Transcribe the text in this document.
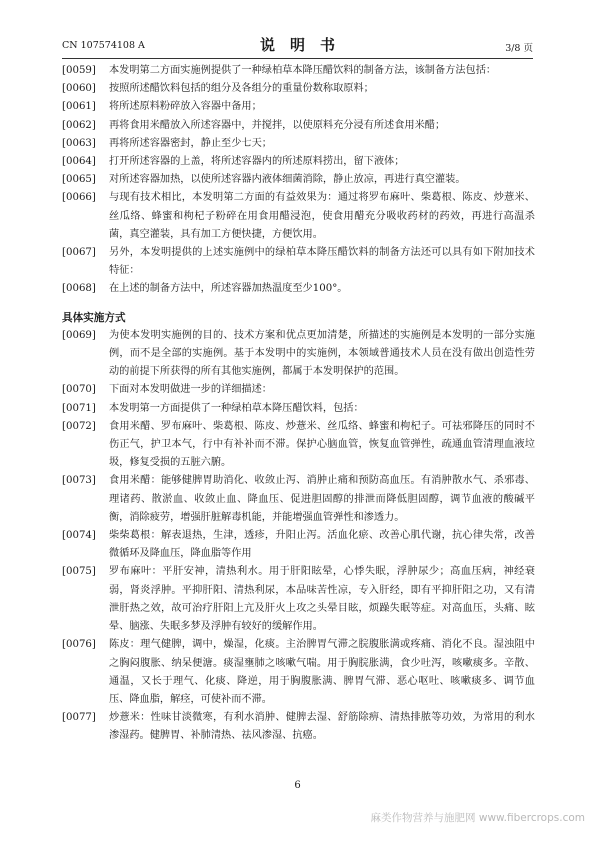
CN 107574108 A	说　明　书	3/8 页
[0059]	本发明第二方面实施例提供了一种绿柏草本降压醋饮料的制备方法，该制备方法包括：
[0060]	按照所述醋饮料包括的组分及各组分的重量份数称取原料；
[0061]	将所述原料粉碎放入容器中备用；
[0062]	再将食用米醋放入所述容器中，并搅拌，以使原料充分浸有所述食用米醋；
[0063]	再将所述容器密封，静止至少七天；
[0064]	打开所述容器的上盖，将所述容器内的所述原料捞出，留下液体；
[0065]	对所述容器加热，以使所述容器内液体细菌消除，静止放凉，再进行真空灌装。
[0066]	与现有技术相比，本发明第二方面的有益效果为：通过将罗布麻叶、柴葛根、陈皮、炒薏米、丝瓜络、蜂蜜和枸杞子粉碎在用食用醋浸泡，使食用醋充分吸收药材的药效，再进行高温杀菌，真空灌装，具有加工方便快捷，方便饮用。
[0067]	另外，本发明提供的上述实施例中的绿柏草本降压醋饮料的制备方法还可以具有如下附加技术特征：
[0068]	在上述的制备方法中，所述容器加热温度至少100°。
具体实施方式
[0069]	为使本发明实施例的目的、技术方案和优点更加清楚，所描述的实施例是本发明的一部分实施例，而不是全部的实施例。基于本发明中的实施例，本领域普通技术人员在没有做出创造性劳动的前提下所获得的所有其他实施例，都属于本发明保护的范围。
[0070]	下面对本发明做进一步的详细描述：
[0071]	本发明第一方面提供了一种绿柏草本降压醋饮料，包括：
[0072]	食用米醋、罗布麻叶、柴葛根、陈皮、炒薏米、丝瓜络、蜂蜜和枸杞子。可祛邪降压的同时不伤正气，护卫本气，行中有补补而不滞。保护心脑血管，恢复血管弹性，疏通血管清理血液垃圾，修复受损的五脏六腑。
[0073]	食用米醋：能够健脾胃助消化、收敛止泻、消肿止痛和预防高血压。有消肿散水气、杀邪毒、理诸药、散淤血、收敛止血、降血压、促进胆固醇的排泄而降低胆固醇，调节血液的酸碱平衡，消除疲劳，增强肝脏解毒机能，并能增强血管弹性和渗透力。
[0074]	柴柴葛根：解表退热，生津，透疹，升阳止泻。活血化瘀、改善心肌代谢，抗心律失常，改善微循环及降血压，降血脂等作用
[0075]	罗布麻叶：平肝安神，清热利水。用于肝阳眩晕，心悸失眠，浮肿尿少；高血压病，神经衰弱，肾炎浮肿。平抑肝阳、清热利尿，本品味苦性凉，专入肝经，即有平抑肝阳之功，又有清泄肝热之效，故可治疗肝阳上亢及肝火上攻之头晕目眩，烦躁失眠等症。对高血压，头痛、眩晕、脑涨、失眠多梦及浮肿有较好的缓解作用。
[0076]	陈皮：理气健脾，调中，燥湿，化痰。主治脾胃气滞之脘腹胀满或疼痛、消化不良。湿浊阻中之胸闷腹胀、纳呆便溏。痰湿壅肺之咳嗽气喘。用于胸脘胀满，食少吐泻，咳嗽痰多。辛散、通温，又长于理气、化痰、降逆，用于胸腹胀满、脾胃气滞、恶心呕吐、咳嗽痰多、调节血压、降血脂，解痉，可使补而不滞。
[0077]	炒薏米：性味甘淡微寒，有利水消肿、健脾去湿、舒筋除痹、清热排脓等功效，为常用的利水渗湿药。健脾胃、补肺清热、祛风渗湿、抗癌。
6
麻类作物营养与施肥网 www.fibercrops.com
